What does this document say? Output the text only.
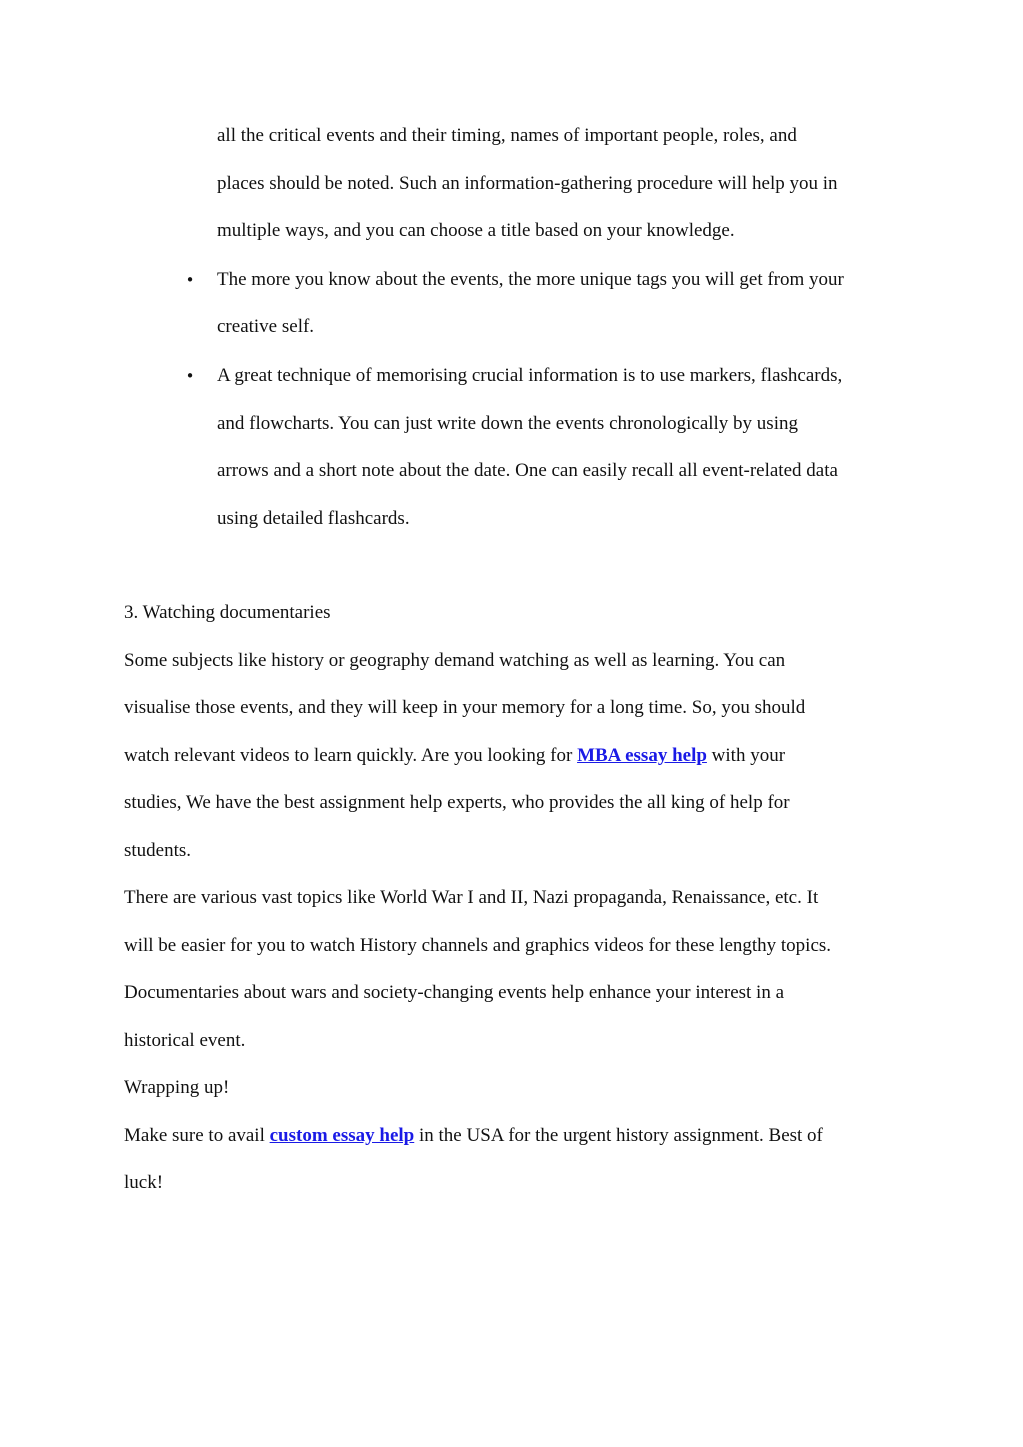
all the critical events and their timing, names of important people, roles, and
places should be noted. Such an information-gathering procedure will help you in
multiple ways, and you can choose a title based on your knowledge.
• The more you know about the events, the more unique tags you will get from your
creative self.
• A great technique of memorising crucial information is to use markers, flashcards,
and flowcharts. You can just write down the events chronologically by using
arrows and a short note about the date. One can easily recall all event-related data
using detailed flashcards.
3. Watching documentaries
Some subjects like history or geography demand watching as well as learning. You can
visualise those events, and they will keep in your memory for a long time. So, you should
watch relevant videos to learn quickly. Are you looking for MBA essay help with your
studies, We have the best assignment help experts, who provides the all king of help for
students.
There are various vast topics like World War I and II, Nazi propaganda, Renaissance, etc. It
will be easier for you to watch History channels and graphics videos for these lengthy topics.
Documentaries about wars and society-changing events help enhance your interest in a
historical event.
Wrapping up!
Make sure to avail custom essay help in the USA for the urgent history assignment. Best of
luck!
